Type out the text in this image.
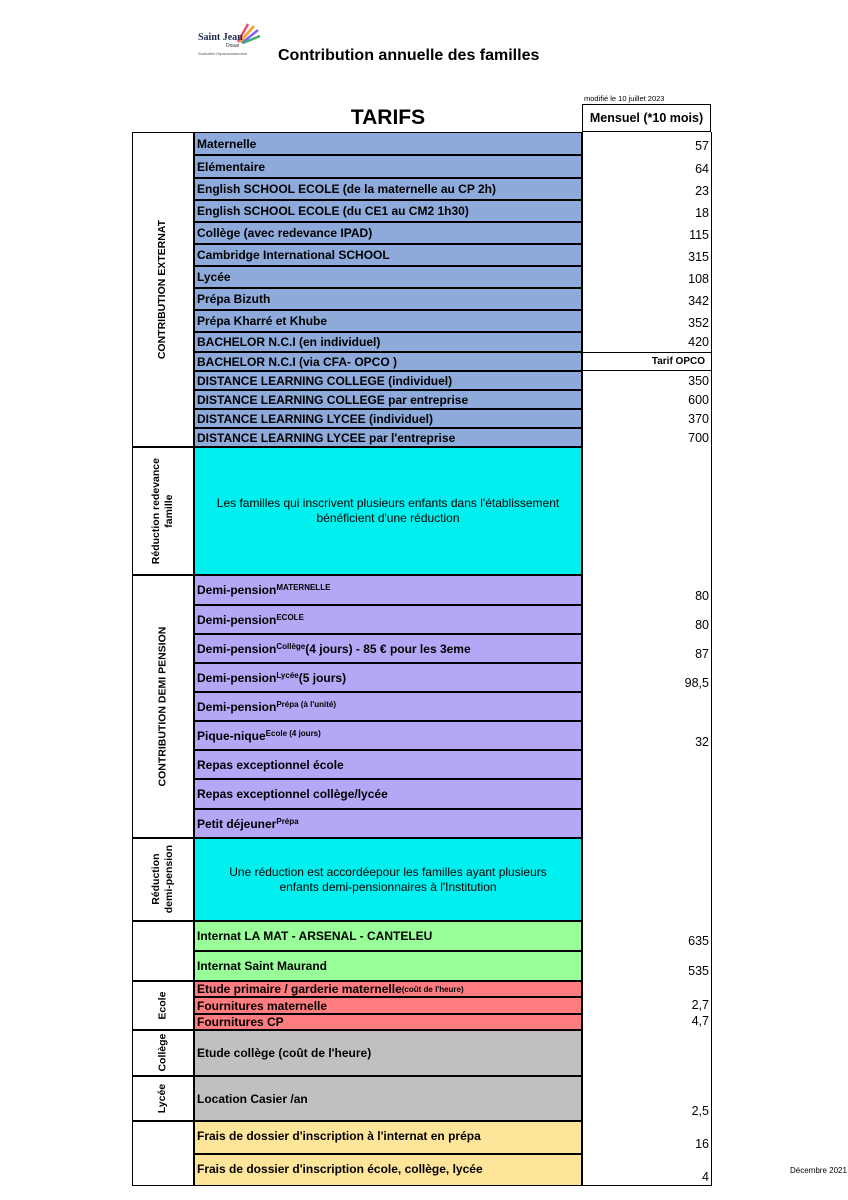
Saint Jean
Douai
Souhaiter l'épanouissement Contribution annuelle des familles
modifié le 10 juillet 2023
TARIFS	Mensuel (*10 mois)
CONTRIBUTION EXTERNAT
Réduction redevance famille
CONTRIBUTION DEMI PENSION
Réduction demi-pension
Ecole
Collège
Lycée
Maternelle
Elémentaire
English SCHOOL ECOLE (de la maternelle au CP 2h)
English SCHOOL ECOLE (du CE1 au CM2 1h30)
Collège (avec redevance IPAD)
Cambridge International SCHOOL
Lycée
Prépa Bizuth
Prépa Kharré et Khube
BACHELOR N.C.I (en individuel)
BACHELOR N.C.I (via CFA- OPCO )
DISTANCE LEARNING COLLEGE (individuel)
DISTANCE LEARNING COLLEGE par entreprise
DISTANCE LEARNING LYCEE (individuel)
DISTANCE LEARNING LYCEE par l'entreprise
57
64
23
18
115
315
108
342
352
420
Tarif OPCO
350
600
370
700
Les familles qui inscrivent plusieurs enfants dans l'établissement bénéficient d'une réduction
Demi-pension MATERNELLE
Demi-pension ECOLE
Demi-pension Collège (4 jours) - 85 € pour les 3eme
Demi-pension Lycée (5 jours)
Demi-pension Prépa (à l'unité)
Pique-nique Ecole (4 jours)
Repas exceptionnel école
Repas exceptionnel collège/lycée
Petit déjeuner Prépa
80
80
87
98,5
32
Une réduction est accordéepour les familles ayant plusieurs enfants demi-pensionnaires à l'Institution
Internat LA MAT - ARSENAL - CANTELEU
Internat Saint Maurand
635
535
Etude primaire / garderie maternelle (coût de l'heure)
Fournitures maternelle
Fournitures CP
2,7
4,7
Etude collège (coût de l'heure)
Location Casier /an
2,5
Frais de dossier d'inscription à l'internat en prépa
Frais de dossier d'inscription école, collège, lycée
16
4	Décembre 2021
